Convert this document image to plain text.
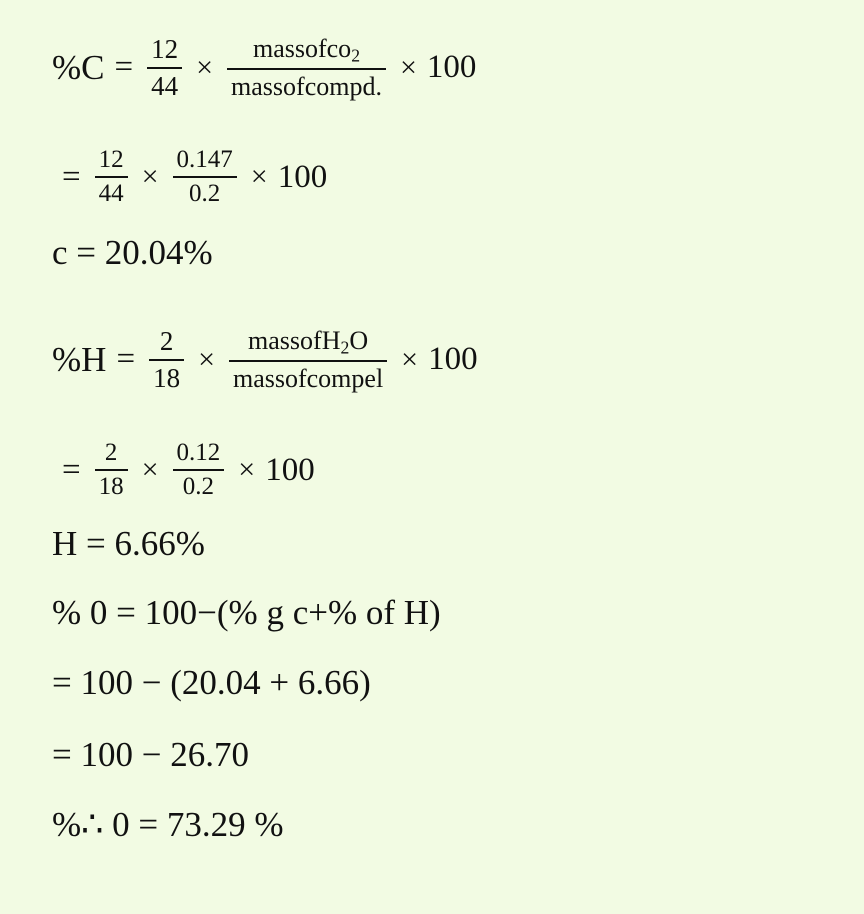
$\%C = \frac{12}{44} \times \frac{massofco_2}{\text{massofcompd.}} \times 100$
= $\frac{12}{44} \times \frac{0.147}{0.2} \times 100$
c = 20.04%
$\%H = \frac{2}{18} \times \frac{massofH_2O}{\text{massofcompel}} \times 100$
= $\frac{2}{18} \times \frac{0.12}{0.2} \times 100$
H = 6.66%
% 0 = 100−(% g c+% of H)
= 100 − (20.04 + 6.66)
= 100 − 26.70
%∴ 0 = 73.29 %
